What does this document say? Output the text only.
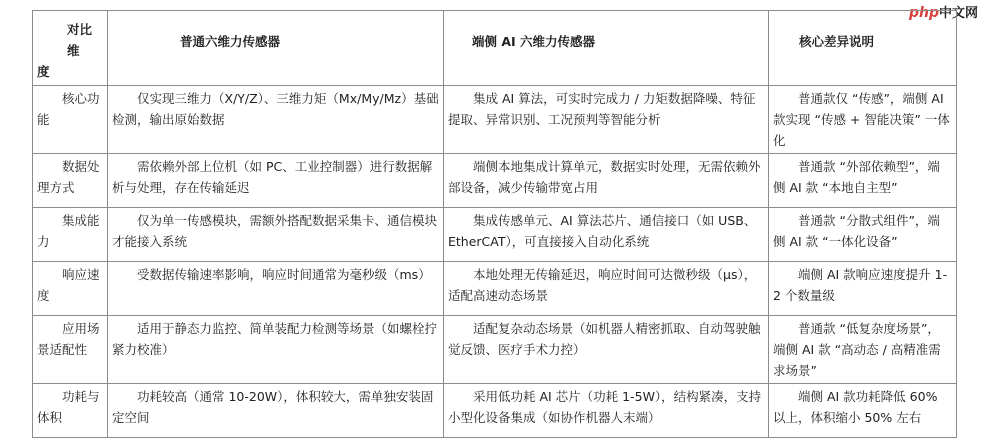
php中文网
对比维
度	普通六维力传感器	端侧 AI 六维力传感器	核心差异说明
核心功能	仅实现三维力（X/Y/Z）、三维力矩（Mx/My/Mz）基础检测，输出原始数据	集成 AI 算法，可实时完成力 / 力矩数据降噪、特征提取、异常识别、工况预判等智能分析	普通款仅 “传感”，端侧 AI 款实现 “传感 + 智能决策” 一体化
数据处理方式	需依赖外部上位机（如 PC、工业控制器）进行数据解析与处理，存在传输延迟	端侧本地集成计算单元，数据实时处理，无需依赖外部设备，减少传输带宽占用	普通款 “外部依赖型”，端侧 AI 款 “本地自主型”
集成能力	仅为单一传感模块，需额外搭配数据采集卡、通信模块才能接入系统	集成传感单元、AI 算法芯片、通信接口（如 USB、EtherCAT），可直接接入自动化系统	普通款 “分散式组件”，端侧 AI 款 “一体化设备”
响应速度	受数据传输速率影响，响应时间通常为毫秒级（ms）	本地处理无传输延迟，响应时间可达微秒级（μs），适配高速动态场景	端侧 AI 款响应速度提升 1-2 个数量级
应用场景适配性	适用于静态力监控、简单装配力检测等场景（如螺栓拧紧力校准）	适配复杂动态场景（如机器人精密抓取、自动驾驶触觉反馈、医疗手术力控）	普通款 “低复杂度场景”，端侧 AI 款 “高动态 / 高精准需求场景”
功耗与体积	功耗较高（通常 10-20W），体积较大，需单独安装固定空间	采用低功耗 AI 芯片（功耗 1-5W），结构紧凑，支持小型化设备集成（如协作机器人末端）	端侧 AI 款功耗降低 60% 以上，体积缩小 50% 左右
